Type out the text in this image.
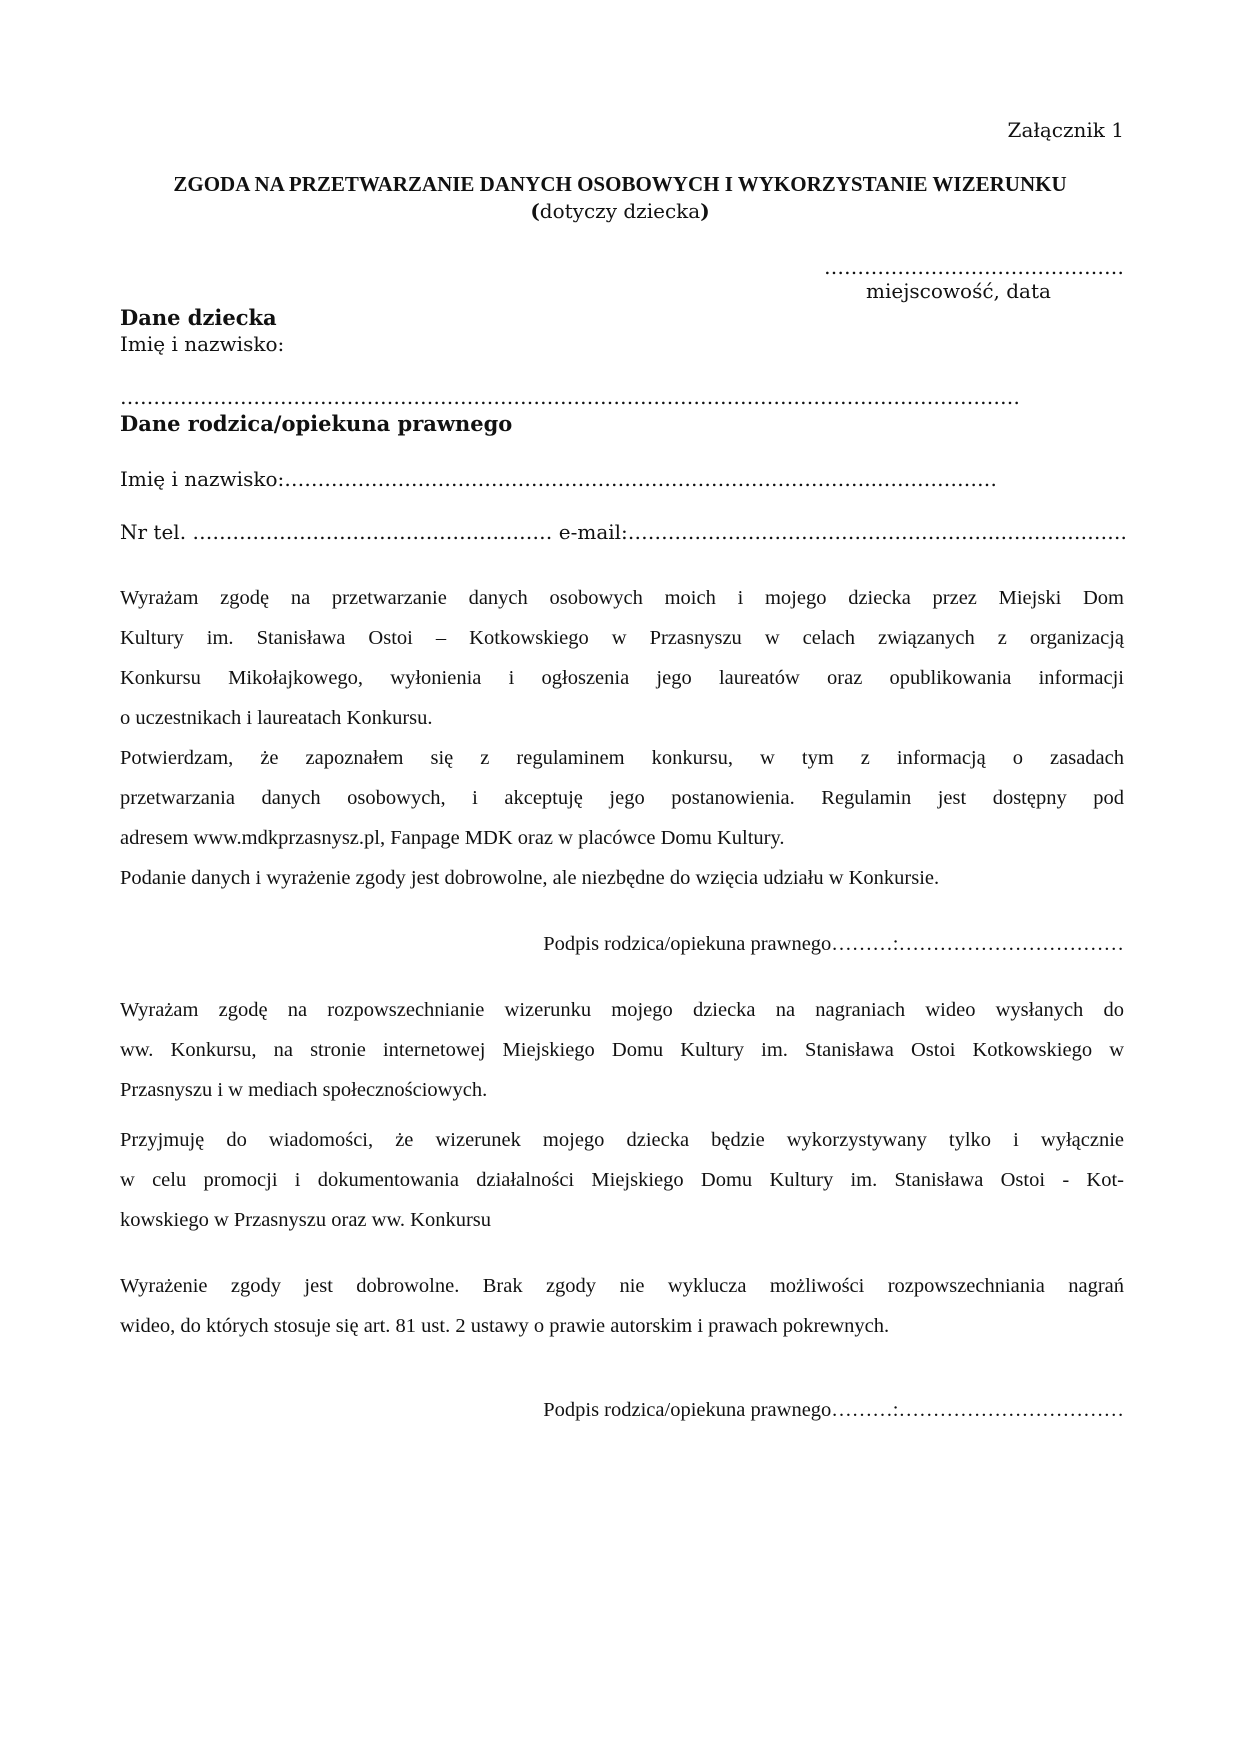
Załącznik 1
ZGODA NA PRZETWARZANIE DANYCH OSOBOWYCH I WYKORZYSTANIE WIZERUNKU
(dotyczy dziecka)
………………………………………
miejscowość, data
Dane dziecka
Imię i nazwisko:
………………………………………………………………………………………………………………………
Dane rodzica/opiekuna prawnego
Imię i nazwisko:……………………………………………………………………………..………………
Nr tel. ……………………………………………… e-mail:………………………………………………..……………….
Wyrażam zgodę na przetwarzanie danych osobowych moich i mojego dziecka przez Miejski Dom
Kultury im. Stanisława Ostoi – Kotkowskiego w Przasnyszu w celach związanych z organizacją
Konkursu Mikołajkowego, wyłonienia i ogłoszenia jego laureatów oraz opublikowania informacji
o uczestnikach i laureatach Konkursu.
Potwierdzam, że zapoznałem się z regulaminem konkursu, w tym z informacją o zasadach
przetwarzania danych osobowych, i akceptuję jego postanowienia. Regulamin jest dostępny pod
adresem www.mdkprzasnysz.pl, Fanpage MDK oraz w placówce Domu Kultury.
Podanie danych i wyrażenie zgody jest dobrowolne, ale niezbędne do wzięcia udziału w Konkursie.
Podpis rodzica/opiekuna prawnego………:……………………………
Wyrażam zgodę na rozpowszechnianie wizerunku mojego dziecka na nagraniach wideo wysłanych do
ww. Konkursu, na stronie internetowej Miejskiego Domu Kultury im. Stanisława Ostoi Kotkowskiego w
Przasnyszu i w mediach społecznościowych.
Przyjmuję do wiadomości, że wizerunek mojego dziecka będzie wykorzystywany tylko i wyłącznie
w celu promocji i dokumentowania działalności Miejskiego Domu Kultury im. Stanisława Ostoi - Kot-
kowskiego w Przasnyszu oraz ww. Konkursu
Wyrażenie zgody jest dobrowolne. Brak zgody nie wyklucza możliwości rozpowszechniania nagrań
wideo, do których stosuje się art. 81 ust. 2 ustawy o prawie autorskim i prawach pokrewnych.
Podpis rodzica/opiekuna prawnego………:……………………………
